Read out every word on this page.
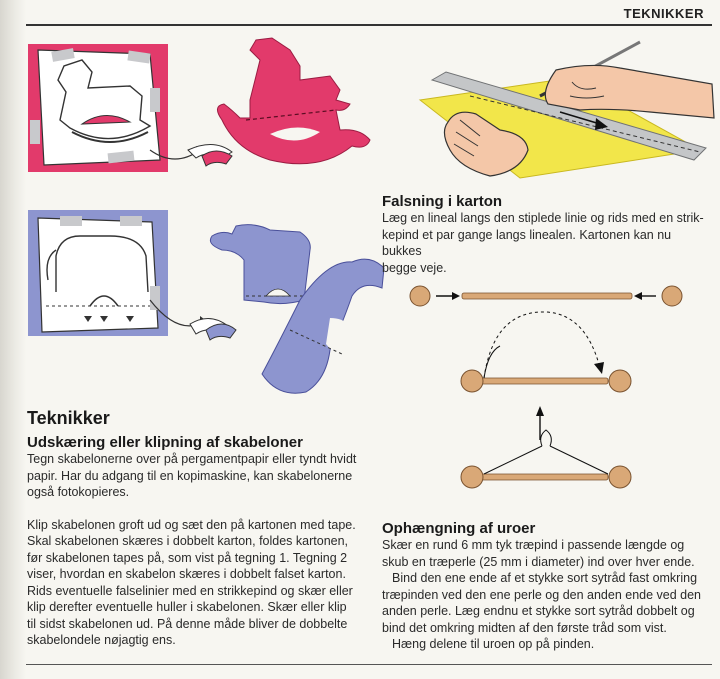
TEKNIKKER
Falsning i karton

Læg en lineal langs den stiplede linie og rids med en strik-

kepind et par gange langs linealen. Kartonen kan nu bukkes

begge veje.

Teknikker
Udskæring eller klipning af skabeloner

Tegn skabelonerne over på pergamentpapir eller tyndt hvidt

papir. Har du adgang til en kopimaskine, kan skabelonerne

også fotokopieres.

Klip skabelonen groft ud og sæt den på kartonen med tape.

Skal skabelonen skæres i dobbelt karton, foldes kartonen,

før skabelonen tapes på, som vist på tegning 1. Tegning 2

viser, hvordan en skabelon skæres i dobbelt falset karton.

Rids eventuelle falselinier med en strikkepind og skær eller

klip derefter eventuelle huller i skabelonen. Skær eller klip

til sidst skabelonen ud. På denne måde bliver de dobbelte

skabelondele nøjagtig ens.

Ophængning af uroer

Skær en rund 6 mm tyk træpind i passende længde og

skub en træperle (25 mm i diameter) ind over hver ende.

Bind den ene ende af et stykke sort sytråd fast omkring

træpinden ved den ene perle og den anden ende ved den

anden perle. Læg endnu et stykke sort sytråd dobbelt og

bind det omkring midten af den første tråd som vist.

Hæng delene til uroen op på pinden.
